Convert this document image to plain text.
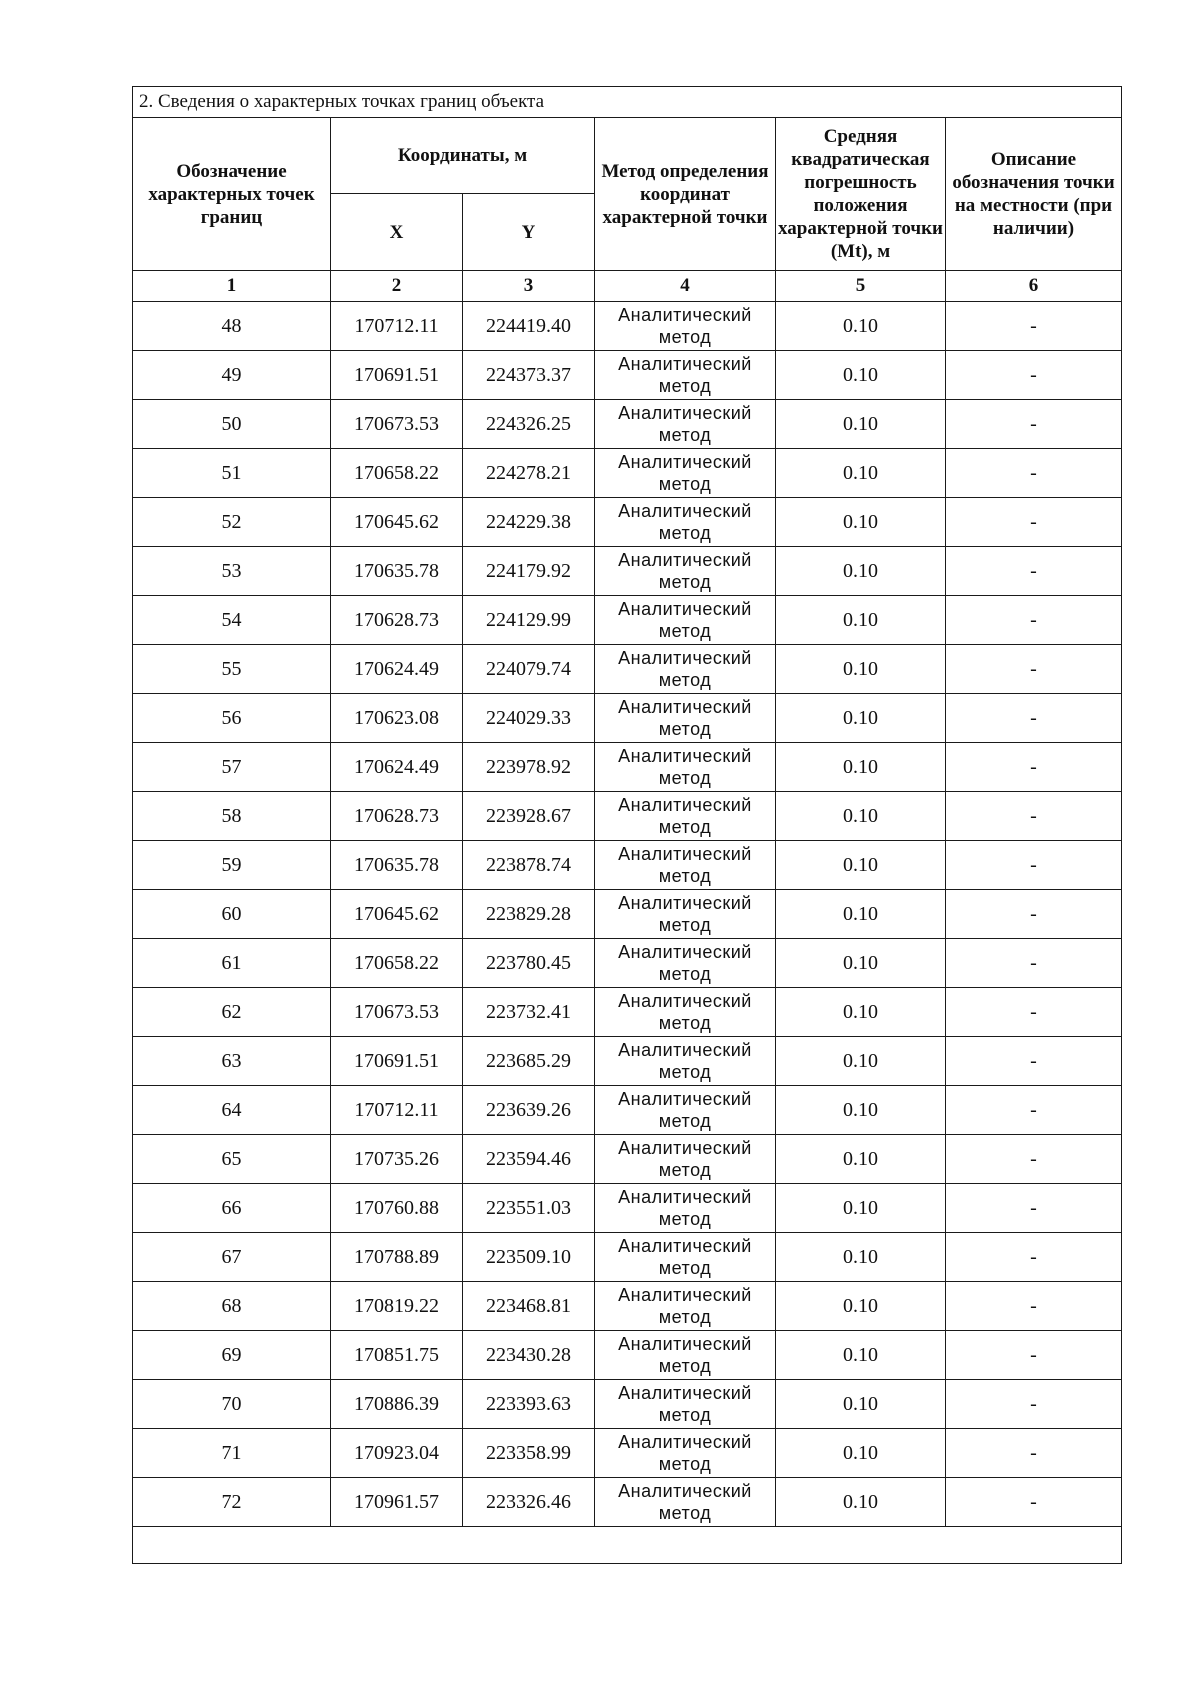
2. Сведения о характерных точках границ объекта					
Обозначение характерных точек границ	Координаты, м		Метод определения координат характерной точки	Средняя квадратическая погрешность положения характерной точки (Mt), м	Описание обозначения точки на местности (при наличии)
	X	Y			
1	2	3	4	5	6
48	170712.11	224419.40	Аналитический метод	0.10	-
49	170691.51	224373.37	Аналитический метод	0.10	-
50	170673.53	224326.25	Аналитический метод	0.10	-
51	170658.22	224278.21	Аналитический метод	0.10	-
52	170645.62	224229.38	Аналитический метод	0.10	-
53	170635.78	224179.92	Аналитический метод	0.10	-
54	170628.73	224129.99	Аналитический метод	0.10	-
55	170624.49	224079.74	Аналитический метод	0.10	-
56	170623.08	224029.33	Аналитический метод	0.10	-
57	170624.49	223978.92	Аналитический метод	0.10	-
58	170628.73	223928.67	Аналитический метод	0.10	-
59	170635.78	223878.74	Аналитический метод	0.10	-
60	170645.62	223829.28	Аналитический метод	0.10	-
61	170658.22	223780.45	Аналитический метод	0.10	-
62	170673.53	223732.41	Аналитический метод	0.10	-
63	170691.51	223685.29	Аналитический метод	0.10	-
64	170712.11	223639.26	Аналитический метод	0.10	-
65	170735.26	223594.46	Аналитический метод	0.10	-
66	170760.88	223551.03	Аналитический метод	0.10	-
67	170788.89	223509.10	Аналитический метод	0.10	-
68	170819.22	223468.81	Аналитический метод	0.10	-
69	170851.75	223430.28	Аналитический метод	0.10	-
70	170886.39	223393.63	Аналитический метод	0.10	-
71	170923.04	223358.99	Аналитический метод	0.10	-
72	170961.57	223326.46	Аналитический метод	0.10	-
